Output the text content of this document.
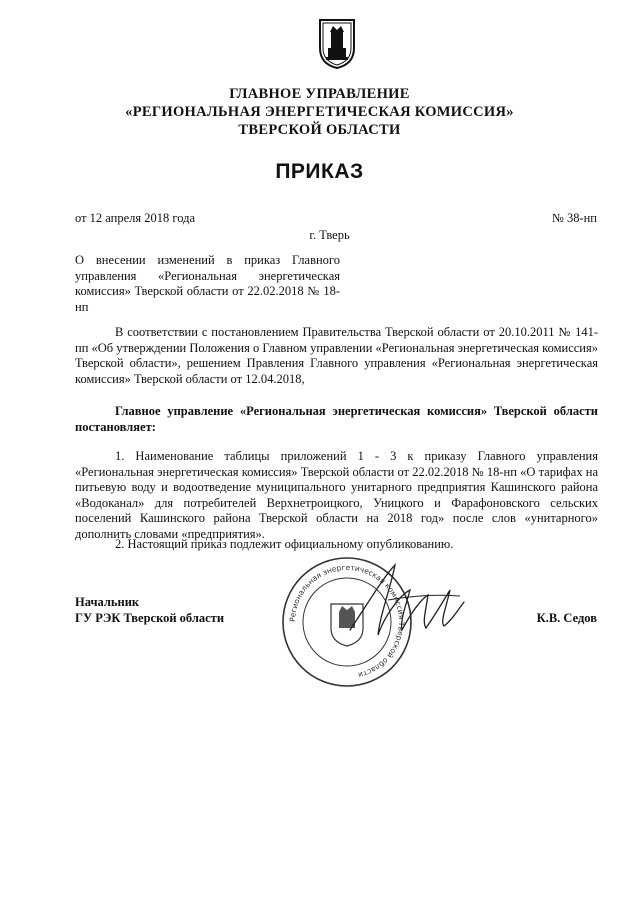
ГЛАВНОЕ УПРАВЛЕНИЕ
«РЕГИОНАЛЬНАЯ ЭНЕРГЕТИЧЕСКАЯ КОМИССИЯ»
ТВЕРСКОЙ ОБЛАСТИ
ПРИКАЗ
от 12 апреля 2018 года	№ 38-нп
г. Тверь
О внесении изменений в приказ Главного управления «Региональная энергетическая комиссия» Тверской области от 22.02.2018 № 18-нп
В соответствии с постановлением Правительства Тверской области от 20.10.2011 № 141-пп «Об утверждении Положения о Главном управлении «Региональная энергетическая комиссия» Тверской области», решением Правления Главного управления «Региональная энергетическая комиссия» Тверской области от 12.04.2018,
Главное управление «Региональная энергетическая комиссия» Тверской области постановляет:
1. Наименование таблицы приложений 1 - 3 к приказу Главного управления «Региональная энергетическая комиссия» Тверской области от 22.02.2018 № 18-нп «О тарифах на питьевую воду и водоотведение муниципального унитарного предприятия Кашинского района «Водоканал» для потребителей Верхнетроицкого, Уницкого и Фарафоновского сельских поселений Кашинского района Тверской области на 2018 год» после слов «унитарного» дополнить словами «предприятия».
2. Настоящий приказ подлежит официальному опубликованию.
Региональная энергетическая комиссия Тверской области
Начальник
ГУ РЭК Тверской области	К.В. Седов
